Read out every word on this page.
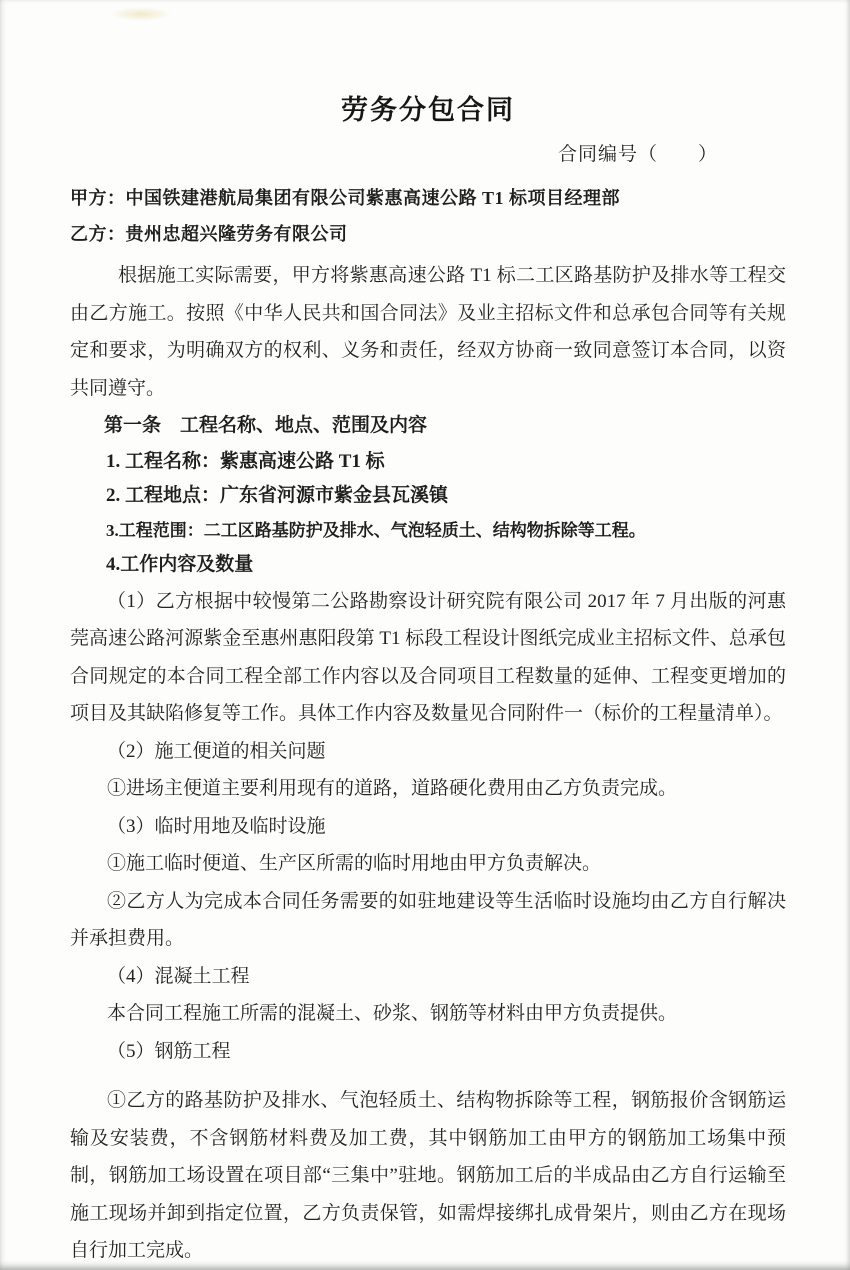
劳务分包合同

合同编号（　　）

甲方：中国铁建港航局集团有限公司紫惠高速公路 T1 标项目经理部

乙方：贵州忠超兴隆劳务有限公司

根据施工实际需要，甲方将紫惠高速公路 T1 标二工区路基防护及排水等工程交由乙方施工。按照《中华人民共和国合同法》及业主招标文件和总承包合同等有关规定和要求，为明确双方的权利、义务和责任，经双方协商一致同意签订本合同，以资共同遵守。

第一条　工程名称、地点、范围及内容

1. 工程名称：紫惠高速公路 T1 标

2. 工程地点：广东省河源市紫金县瓦溪镇

3.工程范围：二工区路基防护及排水、气泡轻质土、结构物拆除等工程。

4.工作内容及数量

（1）乙方根据中较慢第二公路勘察设计研究院有限公司 2017 年 7 月出版的河惠莞高速公路河源紫金至惠州惠阳段第 T1 标段工程设计图纸完成业主招标文件、总承包合同规定的本合同工程全部工作内容以及合同项目工程数量的延伸、工程变更增加的项目及其缺陷修复等工作。具体工作内容及数量见合同附件一（标价的工程量清单）。

（2）施工便道的相关问题

①进场主便道主要利用现有的道路，道路硬化费用由乙方负责完成。

（3）临时用地及临时设施

①施工临时便道、生产区所需的临时用地由甲方负责解决。

②乙方人为完成本合同任务需要的如驻地建设等生活临时设施均由乙方自行解决并承担费用。

（4）混凝土工程

本合同工程施工所需的混凝土、砂浆、钢筋等材料由甲方负责提供。

（5）钢筋工程

①乙方的路基防护及排水、气泡轻质土、结构物拆除等工程，钢筋报价含钢筋运输及安装费，不含钢筋材料费及加工费，其中钢筋加工由甲方的钢筋加工场集中预制，钢筋加工场设置在项目部“三集中”驻地。钢筋加工后的半成品由乙方自行运输至施工现场并卸到指定位置，乙方负责保管，如需焊接绑扎成骨架片，则由乙方在现场自行加工完成。
